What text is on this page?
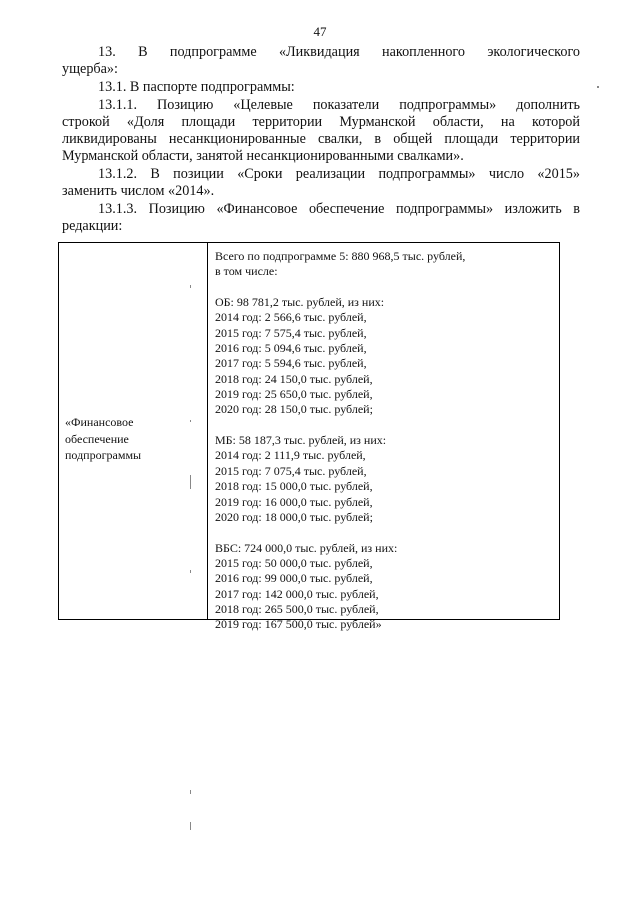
47
13. В подпрограмме «Ликвидация накопленного экологического
ущерба»:
13.1. В паспорте подпрограммы:
13.1.1. Позицию «Целевые показатели подпрограммы» дополнить
строкой «Доля площади территории Мурманской области, на которой
ликвидированы несанкционированные свалки, в общей площади территории
Мурманской области, занятой несанкционированными свалками».
13.1.2. В позиции «Сроки реализации подпрограммы» число «2015»
заменить числом «2014».
13.1.3. Позицию «Финансовое обеспечение подпрограммы» изложить в
редакции:
«Финансовое
обеспечение
подпрограммы
Всего по подпрограмме 5: 880 968,5 тыс. рублей,
в том числе:
ОБ: 98 781,2 тыс. рублей, из них:
2014 год: 2 566,6 тыс. рублей,
2015 год: 7 575,4 тыс. рублей,
2016 год: 5 094,6 тыс. рублей,
2017 год: 5 594,6 тыс. рублей,
2018 год: 24 150,0 тыс. рублей,
2019 год: 25 650,0 тыс. рублей,
2020 год: 28 150,0 тыс. рублей;
МБ: 58 187,3 тыс. рублей, из них:
2014 год: 2 111,9 тыс. рублей,
2015 год: 7 075,4 тыс. рублей,
2018 год: 15 000,0 тыс. рублей,
2019 год: 16 000,0 тыс. рублей,
2020 год: 18 000,0 тыс. рублей;
ВБС: 724 000,0 тыс. рублей, из них:
2015 год: 50 000,0 тыс. рублей,
2016 год: 99 000,0 тыс. рублей,
2017 год: 142 000,0 тыс. рублей,
2018 год: 265 500,0 тыс. рублей,
2019 год: 167 500,0 тыс. рублей»
